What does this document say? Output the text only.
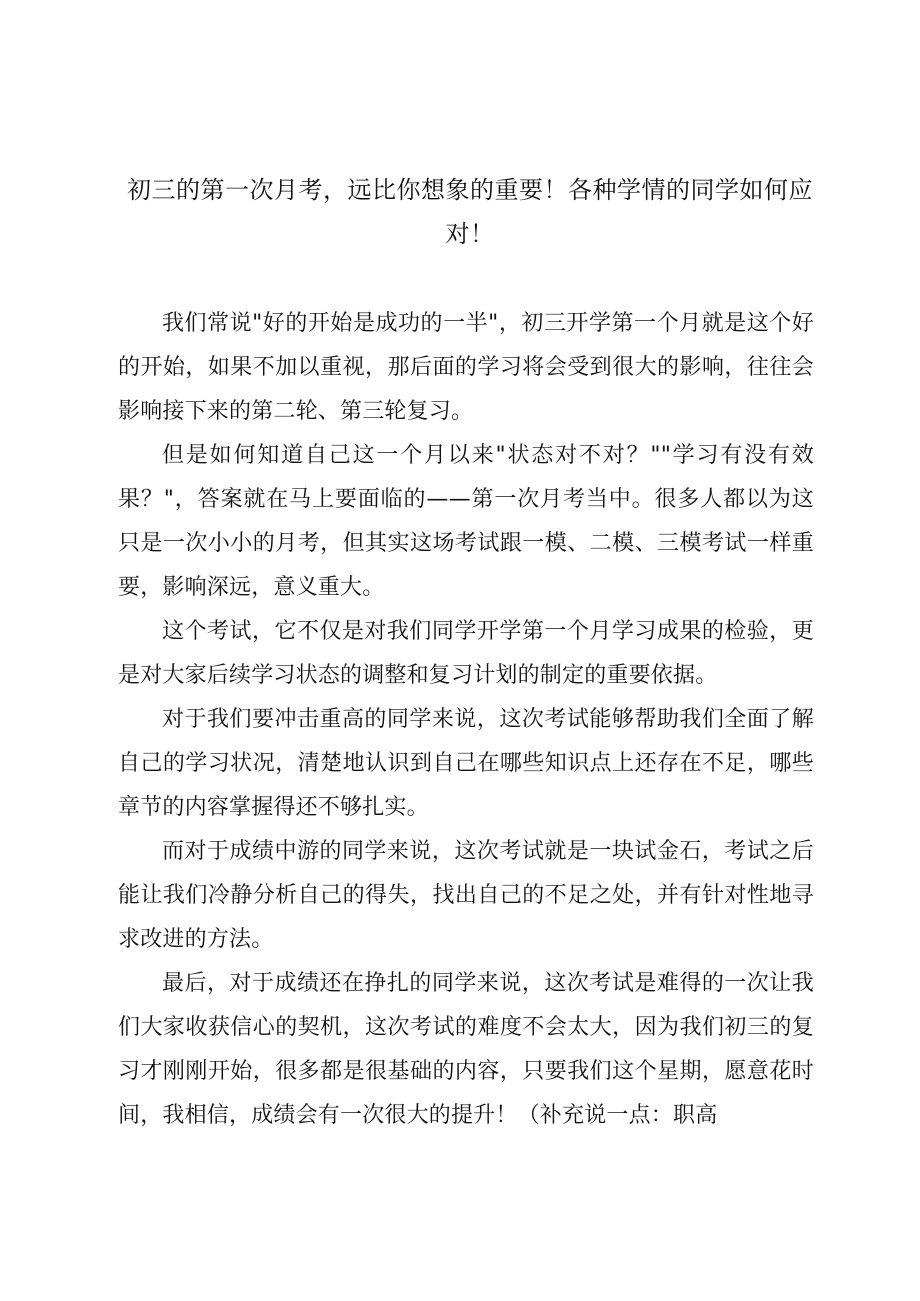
初三的第一次月考，远比你想象的重要！各种学情的同学如何应对！

我们常说"好的开始是成功的一半"，初三开学第一个月就是这个好的开始，如果不加以重视，那后面的学习将会受到很大的影响，往往会影响接下来的第二轮、第三轮复习。

但是如何知道自己这一个月以来"状态对不对？""学习有没有效果？"，答案就在马上要面临的——第一次月考当中。很多人都以为这只是一次小小的月考，但其实这场考试跟一模、二模、三模考试一样重要，影响深远，意义重大。

这个考试，它不仅是对我们同学开学第一个月学习成果的检验，更是对大家后续学习状态的调整和复习计划的制定的重要依据。

对于我们要冲击重高的同学来说，这次考试能够帮助我们全面了解自己的学习状况，清楚地认识到自己在哪些知识点上还存在不足，哪些章节的内容掌握得还不够扎实。

而对于成绩中游的同学来说，这次考试就是一块试金石，考试之后能让我们冷静分析自己的得失，找出自己的不足之处，并有针对性地寻求改进的方法。

最后，对于成绩还在挣扎的同学来说，这次考试是难得的一次让我们大家收获信心的契机，这次考试的难度不会太大，因为我们初三的复习才刚刚开始，很多都是很基础的内容，只要我们这个星期，愿意花时间，我相信，成绩会有一次很大的提升！（补充说一点：职高
